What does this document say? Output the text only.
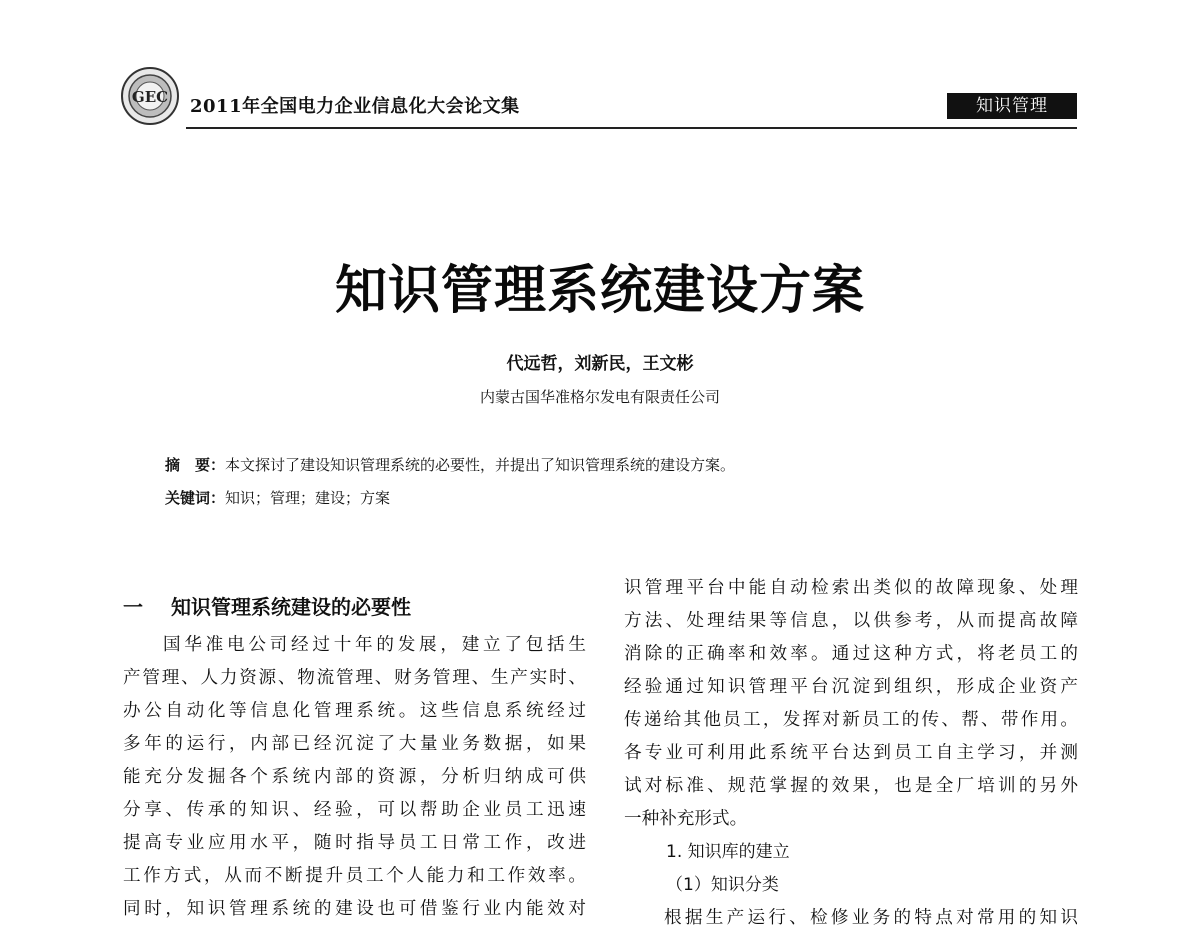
GEC 2011年全国电力企业信息化大会论文集	知识管理
知识管理系统建设方案
代远哲，刘新民，王文彬
内蒙古国华准格尔发电有限责任公司
摘　要：本文探讨了建设知识管理系统的必要性，并提出了知识管理系统的建设方案。
关键词：知识；管理；建设；方案
一 知识管理系统建设的必要性
国华准电公司经过十年的发展，建立了包括生
产管理、人力资源、物流管理、财务管理、生产实时、
办公自动化等信息化管理系统。这些信息系统经过
多年的运行，内部已经沉淀了大量业务数据，如果
能充分发掘各个系统内部的资源，分析归纳成可供
分享、传承的知识、经验，可以帮助企业员工迅速
提高专业应用水平，随时指导员工日常工作，改进
工作方式，从而不断提升员工个人能力和工作效率。
同时，知识管理系统的建设也可借鉴行业内能效对
识管理平台中能自动检索出类似的故障现象、处理
方法、处理结果等信息，以供参考，从而提高故障
消除的正确率和效率。通过这种方式，将老员工的
经验通过知识管理平台沉淀到组织，形成企业资产
传递给其他员工，发挥对新员工的传、帮、带作用。
各专业可利用此系统平台达到员工自主学习，并测
试对标准、规范掌握的效果，也是全厂培训的另外
一种补充形式。
1. 知识库的建立
（1）知识分类
根据生产运行、检修业务的特点对常用的知识
